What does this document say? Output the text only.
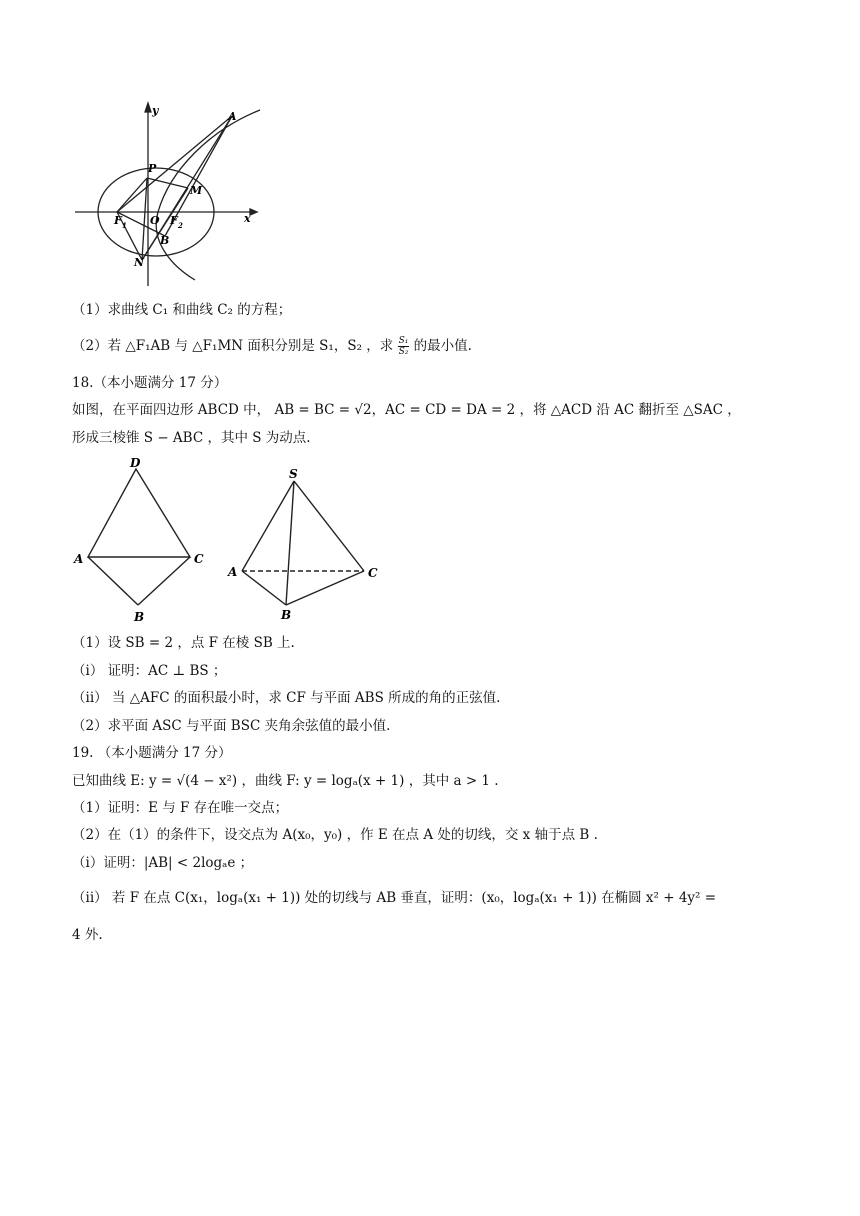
y	A
P
M
F 1 O F 2
x
B
N
（1）求曲线 C₁ 和曲线 C₂ 的方程；
（2）若 △F₁AB 与 △F₁MN 面积分别是 S₁，S₂ ，求 $\frac{\text{S₁}}{\text{S₂}}$ 的最小值.
18.（本小题满分 17 分）
如图，在平面四边形 ABCD 中， AB = BC = √2，AC = CD = DA = 2 ，将 △ACD 沿 AC 翻折至 △SAC ，
形成三棱锥 S − ABC ，其中 S 为动点.
D
A	C
B
S
A	C
B
（1）设 SB = 2 ，点 F 在棱 SB 上.
（i） 证明：AC ⊥ BS ；
（ii） 当 △AFC 的面积最小时，求 CF 与平面 ABS 所成的角的正弦值.
（2）求平面 ASC 与平面 BSC 夹角余弦值的最小值.
19. （本小题满分 17 分）
已知曲线 E: y = √(4 − x²) ，曲线 F: y = logₐ(x + 1) ，其中 a > 1 .
（1）证明：E 与 F 存在唯一交点；
（2）在（1）的条件下，设交点为 A(x₀，y₀) ，作 E 在点 A 处的切线，交 x 轴于点 B .
（i）证明：|AB| < 2logₐe ；
（ii） 若 F 在点 C(x₁，logₐ(x₁ + 1)) 处的切线与 AB 垂直，证明：(x₀，logₐ(x₁ + 1)) 在椭圆 x² + 4y² =
4 外.
